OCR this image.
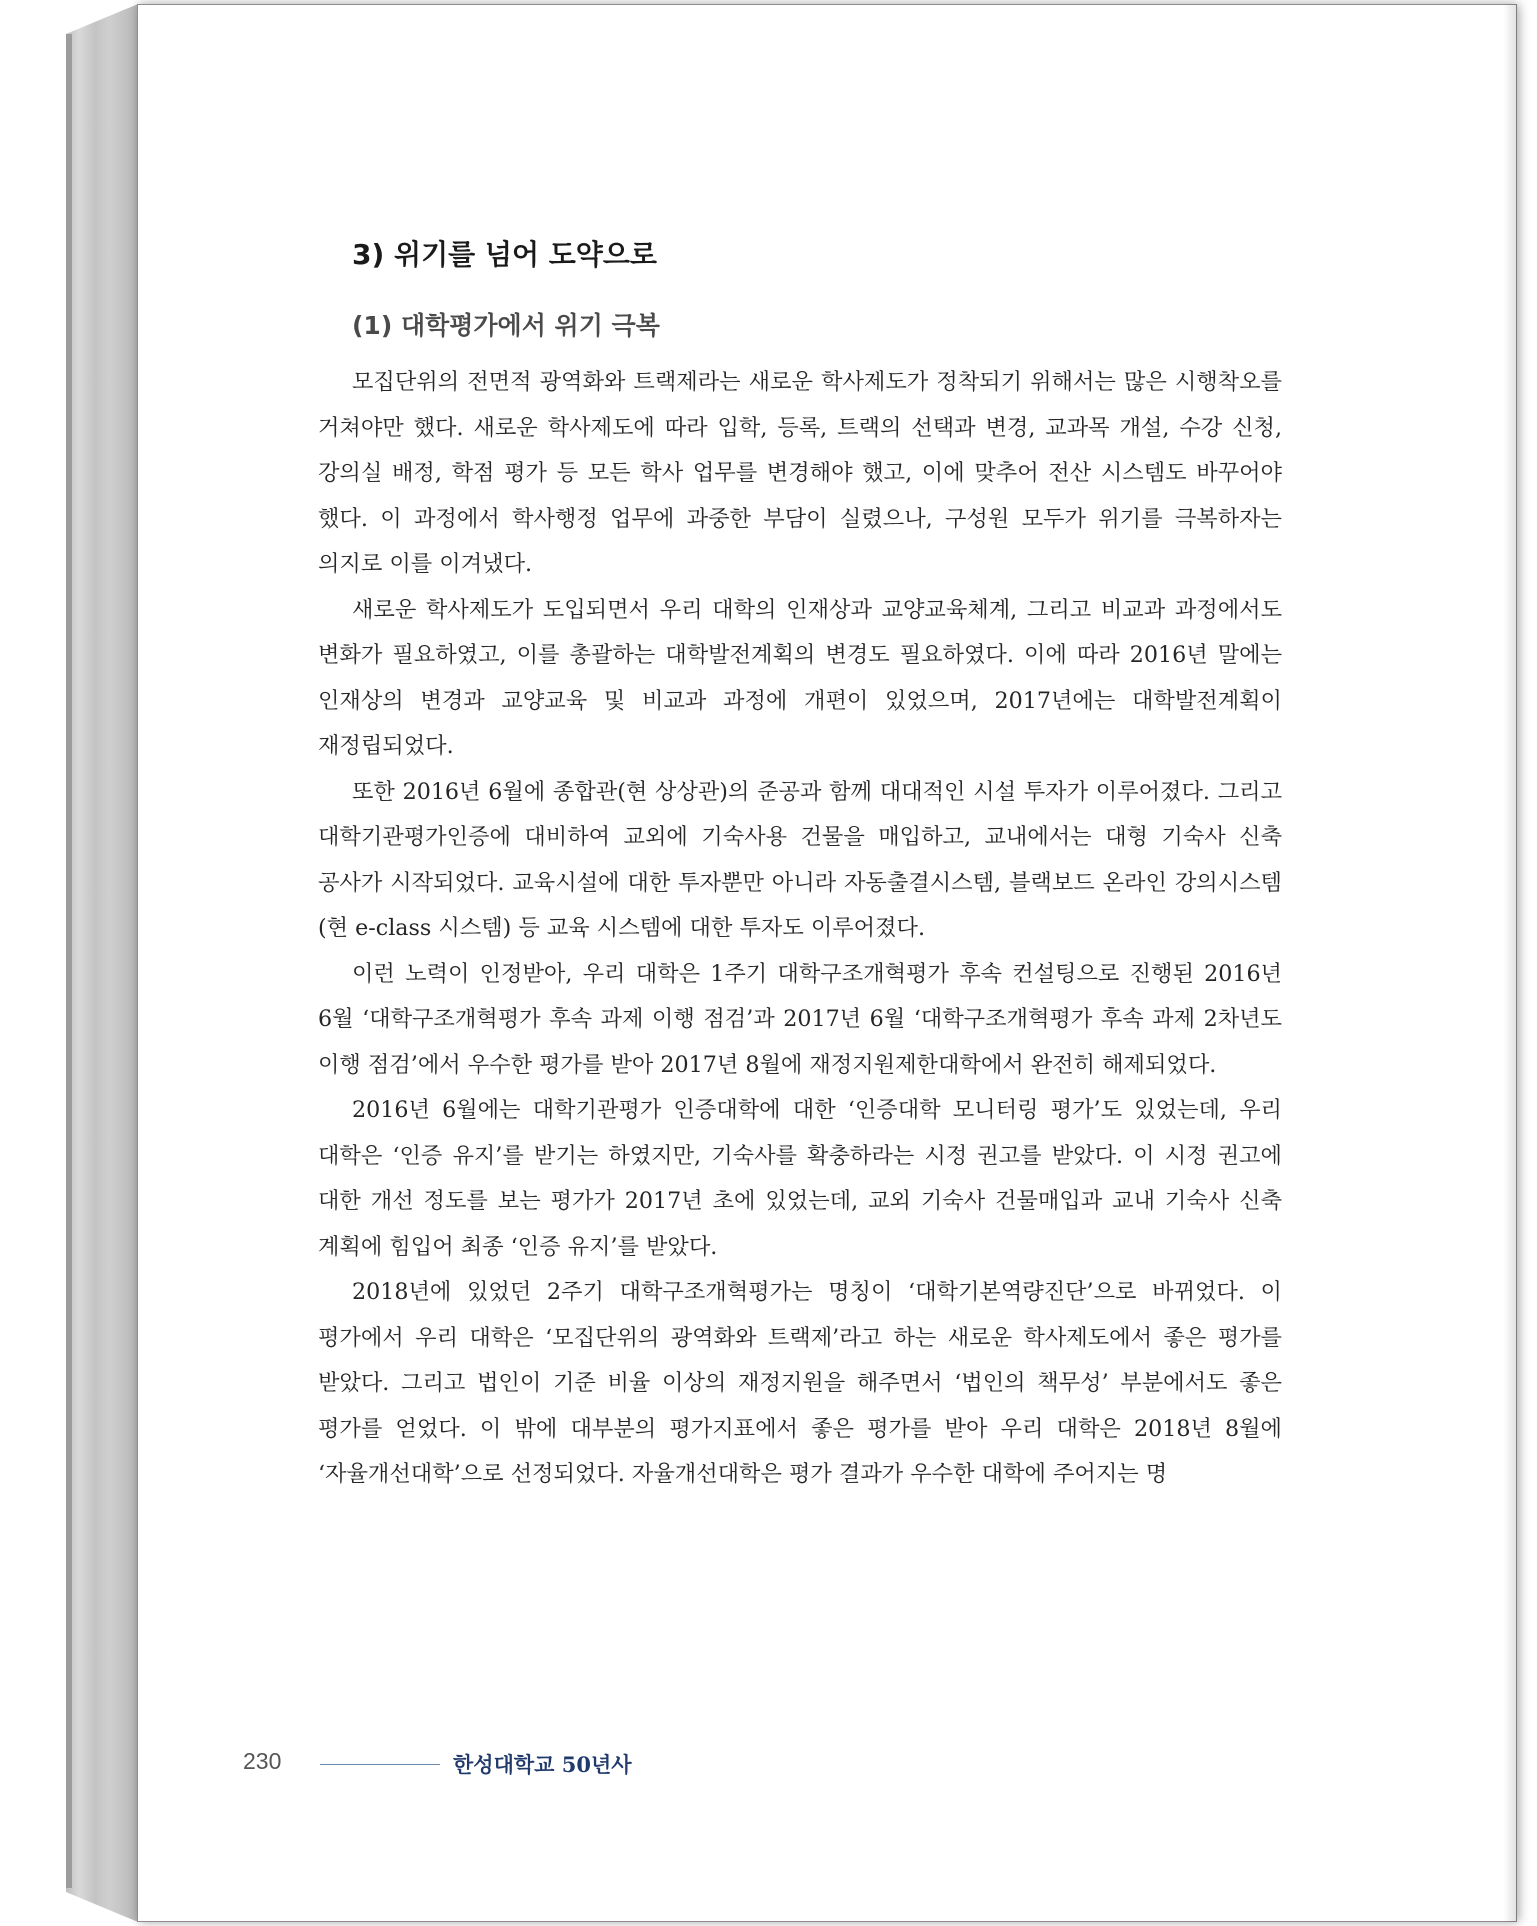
3) 위기를 넘어 도약으로
(1) 대학평가에서 위기 극복

모집단위의 전면적 광역화와 트랙제라는 새로운 학사제도가 정착되기 위해서는 많은 시행착오를 거쳐야만 했다. 새로운 학사제도에 따라 입학, 등록, 트랙의 선택과 변경, 교과목 개설, 수강 신청, 강의실 배정, 학점 평가 등 모든 학사 업무를 변경해야 했고, 이에 맞추어 전산 시스템도 바꾸어야 했다. 이 과정에서 학사행정 업무에 과중한 부담이 실렸으나, 구성원 모두가 위기를 극복하자는 의지로 이를 이겨냈다.

새로운 학사제도가 도입되면서 우리 대학의 인재상과 교양교육체계, 그리고 비교과 과정에서도 변화가 필요하였고, 이를 총괄하는 대학발전계획의 변경도 필요하였다. 이에 따라 2016년 말에는 인재상의 변경과 교양교육 및 비교과 과정에 개편이 있었으며, 2017년에는 대학발전계획이 재정립되었다.

또한 2016년 6월에 종합관(현 상상관)의 준공과 함께 대대적인 시설 투자가 이루어졌다. 그리고 대학기관평가인증에 대비하여 교외에 기숙사용 건물을 매입하고, 교내에서는 대형 기숙사 신축 공사가 시작되었다. 교육시설에 대한 투자뿐만 아니라 자동출결시스템, 블랙보드 온라인 강의시스템(현 e-class 시스템) 등 교육 시스템에 대한 투자도 이루어졌다.

이런 노력이 인정받아, 우리 대학은 1주기 대학구조개혁평가 후속 컨설팅으로 진행된 2016년 6월 ‘대학구조개혁평가 후속 과제 이행 점검’과 2017년 6월 ‘대학구조개혁평가 후속 과제 2차년도 이행 점검’에서 우수한 평가를 받아 2017년 8월에 재정지원제한대학에서 완전히 해제되었다.

2016년 6월에는 대학기관평가 인증대학에 대한 ‘인증대학 모니터링 평가’도 있었는데, 우리 대학은 ‘인증 유지’를 받기는 하였지만, 기숙사를 확충하라는 시정 권고를 받았다. 이 시정 권고에 대한 개선 정도를 보는 평가가 2017년 초에 있었는데, 교외 기숙사 건물매입과 교내 기숙사 신축 계획에 힘입어 최종 ‘인증 유지’를 받았다.

2018년에 있었던 2주기 대학구조개혁평가는 명칭이 ‘대학기본역량진단’으로 바뀌었다. 이 평가에서 우리 대학은 ‘모집단위의 광역화와 트랙제’라고 하는 새로운 학사제도에서 좋은 평가를 받았다. 그리고 법인이 기준 비율 이상의 재정지원을 해주면서 ‘법인의 책무성’ 부분에서도 좋은 평가를 얻었다. 이 밖에 대부분의 평가지표에서 좋은 평가를 받아 우리 대학은 2018년 8월에 ‘자율개선대학’으로 선정되었다. 자율개선대학은 평가 결과가 우수한 대학에 주어지는 명

230	한성대학교 50년사
